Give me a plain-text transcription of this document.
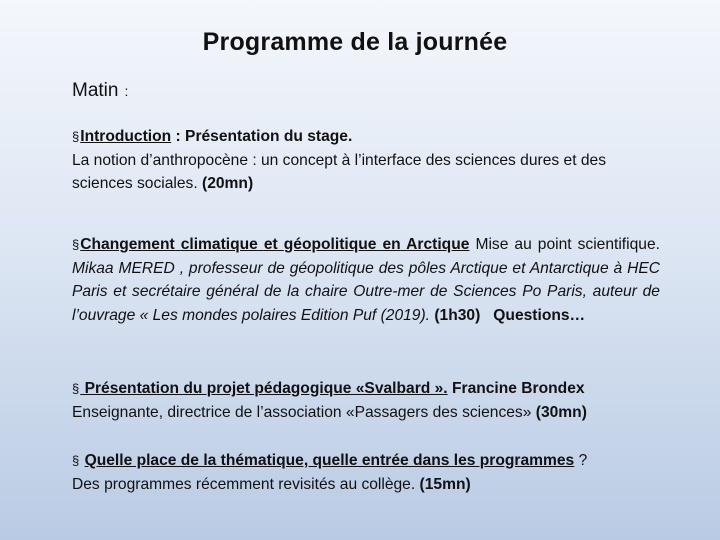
Programme de la journée
Matin :
§Introduction : Présentation du stage.
La notion d’anthropocène : un concept à l’interface des sciences dures et des sciences sociales. (20mn)
§Changement climatique et géopolitique en Arctique Mise au point scientifique. Mikaa MERED , professeur de géopolitique des pôles Arctique et Antarctique à HEC Paris et secrétaire général de la chaire Outre-mer de Sciences Po Paris, auteur de l’ouvrage « Les mondes polaires Edition Puf (2019). (1h30) Questions…
§ Présentation du projet pédagogique «Svalbard ». Francine Brondex
Enseignante, directrice de l’association «Passagers des sciences» (30mn)
§ Quelle place de la thématique, quelle entrée dans les programmes ?
Des programmes récemment revisités au collège. (15mn)
